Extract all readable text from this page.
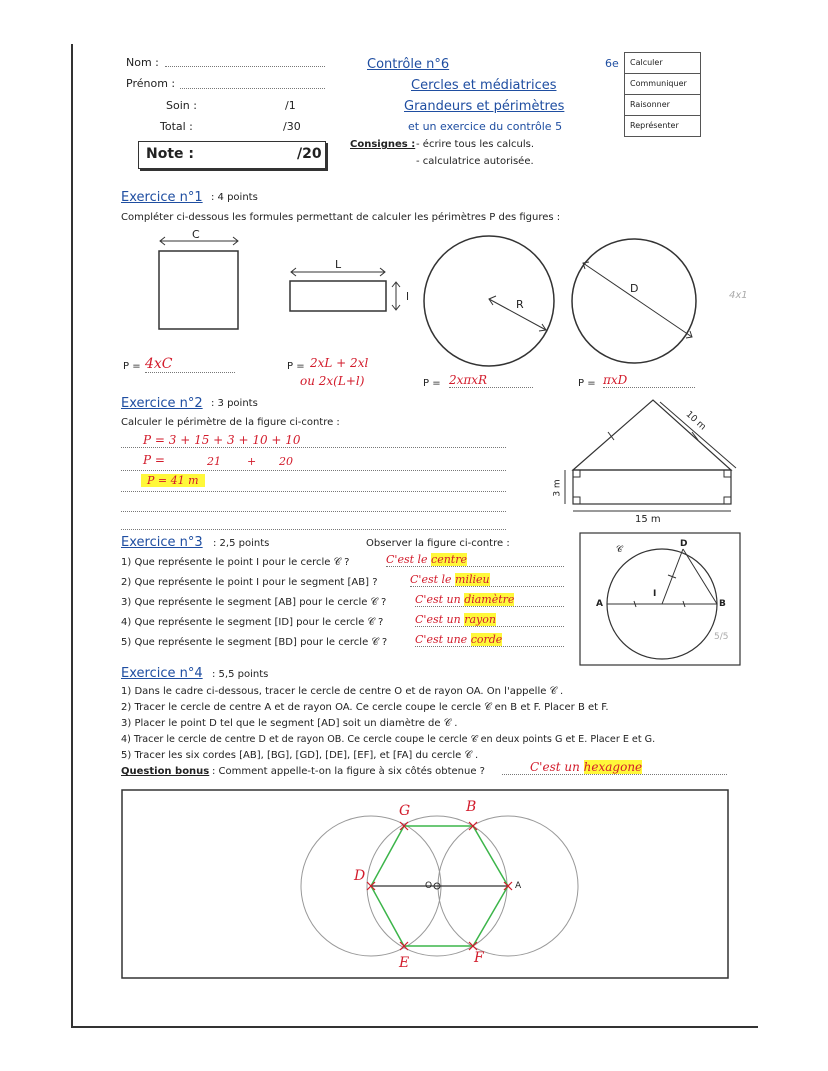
Nom :
Prénom :
Soin :	/1
Total :	/30
Note :	/20
Contrôle n°6
Cercles et médiatrices
Grandeurs et périmètres
et un exercice du contrôle 5
6e	Calculer
Communiquer
Raisonner
Représenter
Consignes : - écrire tous les calculs.
- calculatrice autorisée.
Exercice n°1 : 4 points
Compléter ci-dessous les formules permettant de calculer les périmètres P des figures :
C
L
l
R
D
4x1
P = 4xC	P = 2xL + 2xl
ou 2x(L+l)	P = 2xπxR	P = πxD
Exercice n°2 : 3 points
Calculer le périmètre de la figure ci-contre :
P = 3 + 15 + 3 + 10 + 10
P =	21 + 20
P = 41 m
10 m
3 m
15 m
Exercice n°3 : 2,5 points	Observer la figure ci-contre :
1) Que représente le point I pour le cercle 𝒞 ?	C'est le centre
2) Que représente le point I pour le segment [AB] ?	C'est le milieu
3) Que représente le segment [AB] pour le cercle 𝒞 ?	C'est un diamètre
4) Que représente le segment [ID] pour le cercle 𝒞 ?	C'est un rayon
5) Que représente le segment [BD] pour le cercle 𝒞 ?	C'est une corde
𝒞
A	B
D
I
5/5
Exercice n°4 : 5,5 points
1) Dans le cadre ci-dessous, tracer le cercle de centre O et de rayon OA. On l'appelle 𝒞 .
2) Tracer le cercle de centre A et de rayon OA. Ce cercle coupe le cercle 𝒞 en B et F. Placer B et F.
3) Placer le point D tel que le segment [AD] soit un diamètre de 𝒞 .
4) Tracer le cercle de centre D et de rayon OB. Ce cercle coupe le cercle 𝒞 en deux points G et E. Placer E et G.
5) Tracer les six cordes [AB], [BG], [GD], [DE], [EF], et [FA] du cercle 𝒞 .
Question bonus : Comment appelle-t-on la figure à six côtés obtenue ?	C'est un hexagone
G	B
D
O	A
E	F
